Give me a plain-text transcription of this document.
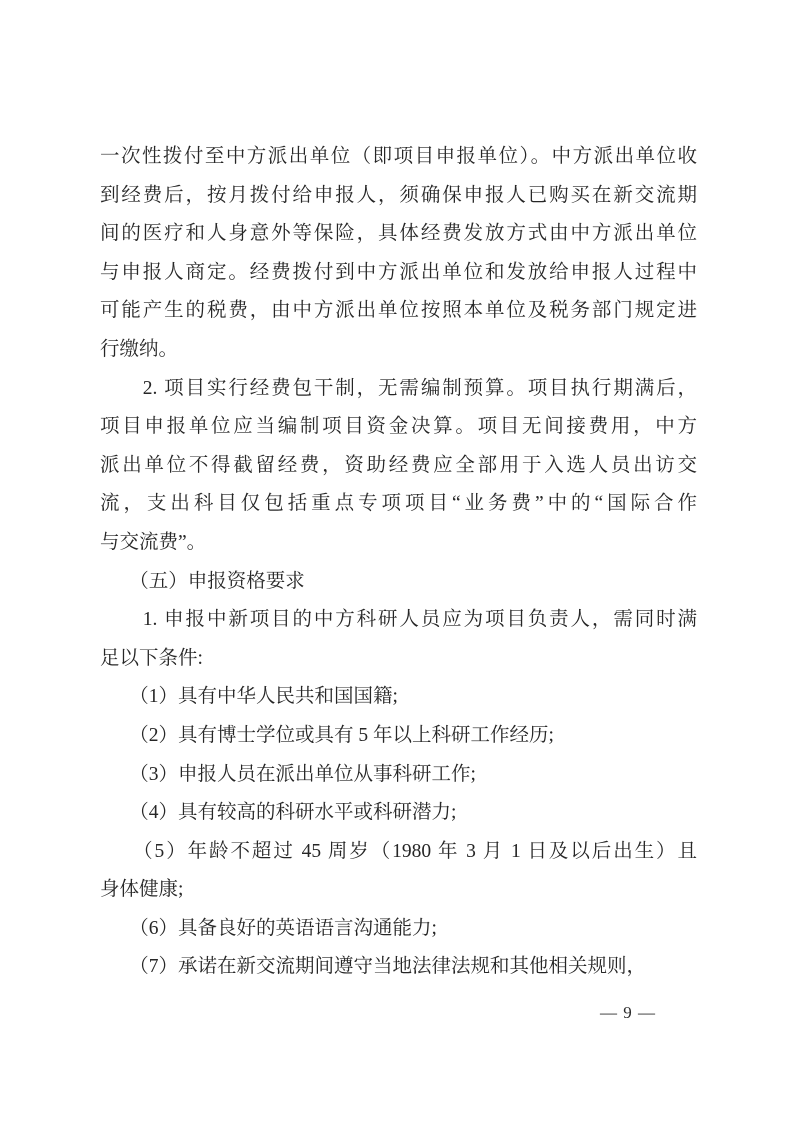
一次性拨付至中方派出单位（即项目申报单位）。中方派出单位收
到经费后，按月拨付给申报人，须确保申报人已购买在新交流期
间的医疗和人身意外等保险，具体经费发放方式由中方派出单位
与申报人商定。经费拨付到中方派出单位和发放给申报人过程中
可能产生的税费，由中方派出单位按照本单位及税务部门规定进
行缴纳。
　　2. 项目实行经费包干制，无需编制预算。项目执行期满后，
项目申报单位应当编制项目资金决算。项目无间接费用，中方
派出单位不得截留经费，资助经费应全部用于入选人员出访交
流，支出科目仅包括重点专项项目“业务费”中的“国际合作
与交流费”。
　　（五）申报资格要求
　　1. 申报中新项目的中方科研人员应为项目负责人，需同时满
足以下条件:
　　（1）具有中华人民共和国国籍;
　　（2）具有博士学位或具有 5 年以上科研工作经历;
　　（3）申报人员在派出单位从事科研工作;
　　（4）具有较高的科研水平或科研潜力;
　　（5）年龄不超过 45 周岁（1980 年 3 月 1 日及以后出生）且
身体健康;
　　（6）具备良好的英语语言沟通能力;
　　（7）承诺在新交流期间遵守当地法律法规和其他相关规则，
— 9 —
